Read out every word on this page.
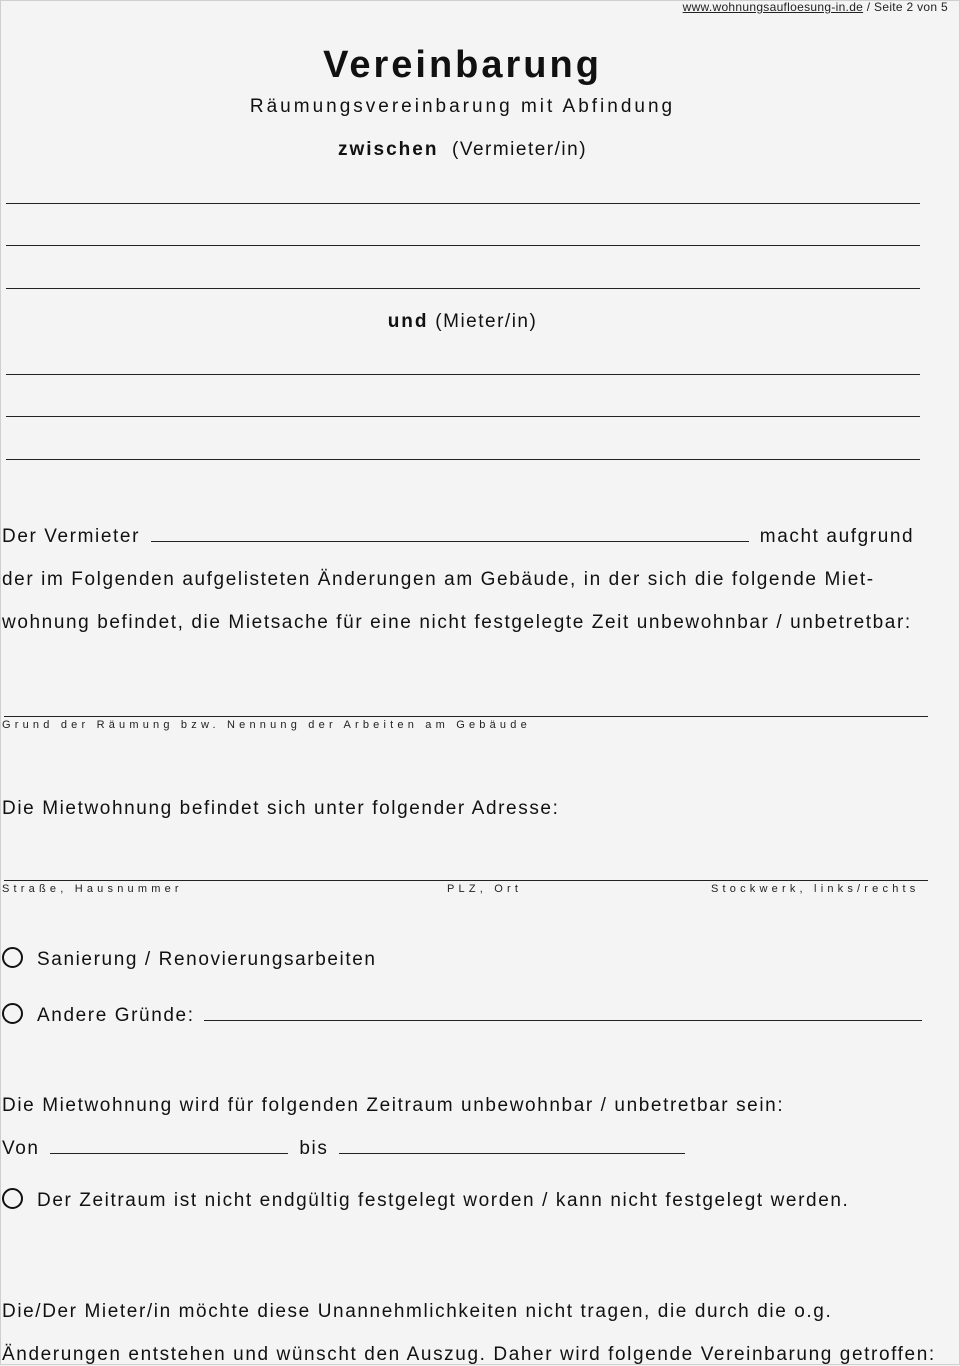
www.wohnungsaufloesung-in.de / Seite 2 von 5
Vereinbarung
Räumungsvereinbarung mit Abfindung
zwischen (Vermieter/in)
und (Mieter/in)
Der Vermieter	macht aufgrund
der im Folgenden aufgelisteten Änderungen am Gebäude, in der sich die folgende Miet-
wohnung befindet, die Mietsache für eine nicht festgelegte Zeit unbewohnbar / unbetretbar:
Grund der Räumung bzw. Nennung der Arbeiten am Gebäude
Die Mietwohnung befindet sich unter folgender Adresse:
Straße, Hausnummer	PLZ, Ort	Stockwerk, links/rechts
Sanierung / Renovierungsarbeiten
Andere Gründe:
Die Mietwohnung wird für folgenden Zeitraum unbewohnbar / unbetretbar sein:
Von	bis
Der Zeitraum ist nicht endgültig festgelegt worden / kann nicht festgelegt werden.
Die/Der Mieter/in möchte diese Unannehmlichkeiten nicht tragen, die durch die o.g.
Änderungen entstehen und wünscht den Auszug. Daher wird folgende Vereinbarung getroffen:
